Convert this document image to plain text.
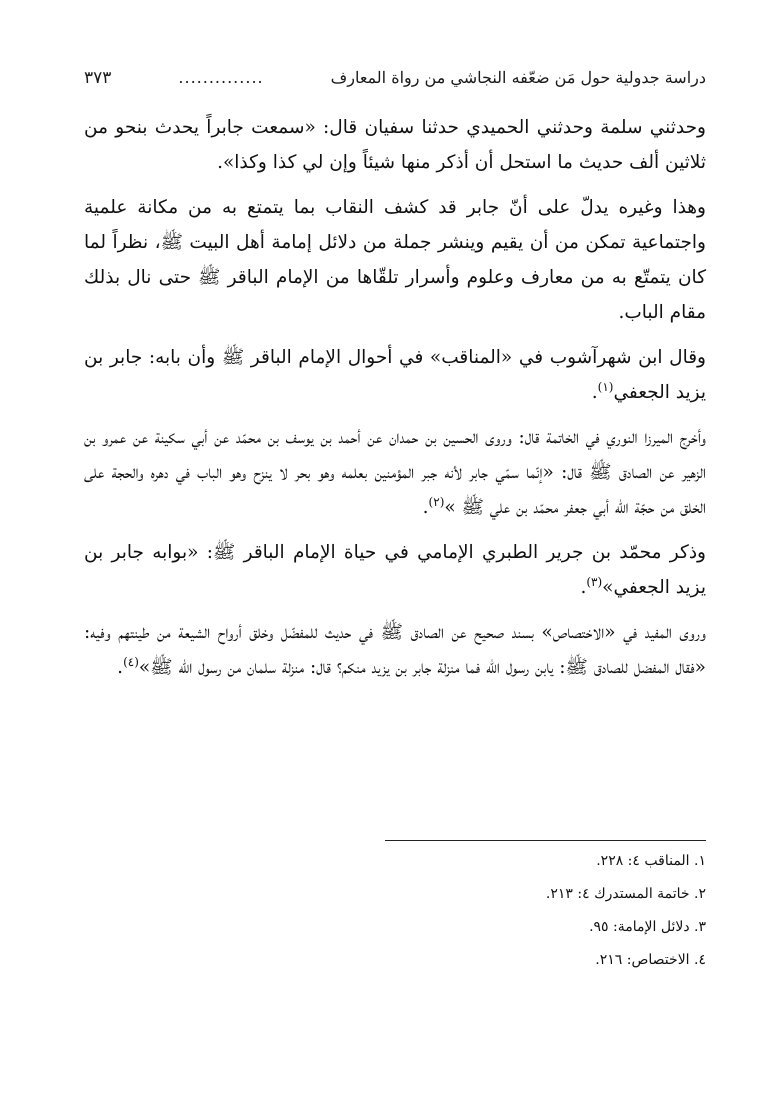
دراسة جدولية حول مَن ضعّفه النجاشي من رواة المعارف
..............
٣٧٣

وحدثني سلمة وحدثني الحميدي حدثنا سفيان قال: «سمعت جابراً يحدث بنحو من ثلاثين ألف حديث ما استحل أن أذكر منها شيئاً وإن لي كذا وكذا».

وهذا وغيره يدلّ على أنّ جابر قد كشف النقاب بما يتمتع به من مكانة علمية واجتماعية تمكن من أن يقيم وينشر جملة من دلائل إمامة أهل البيت ﷺ، نظراً لما كان يتمتّع به من معارف وعلوم وأسرار تلقّاها من الإمام الباقر ﷺ حتى نال بذلك مقام الباب.

وقال ابن شهرآشوب في «المناقب» في أحوال الإمام الباقر ﷺ وأن بابه: جابر بن يزيد الجعفي$^{(١)}$.

وأخرج الميرزا النوري في الخاتمة قال: وروى الحسين بن حمدان عن أحمد بن يوسف بن محمّد عن أبي سكينة عن عمرو بن الزهير عن الصادق ﷺ قال: «إنّما سمّي جابر لأنه جبر المؤمنين بعلمه وهو بحر لا ينزح وهو الباب في دهره والحجة على الخلق من حجّة الله أبي جعفر محمّد بن علي ﷺ »$^{(٢)}$.

وذكر محمّد بن جرير الطبري الإمامي في حياة الإمام الباقر ﷺ: «بوابه جابر بن يزيد الجعفي»$^{(٣)}$.

وروى المفيد في «الاختصاص» بسند صحيح عن الصادق ﷺ في حديث للمفضّل وخلق أرواح الشيعة من طينتهم وفيه: «فقال المفضل للصادق ﷺ: يابن رسول الله فما منزلة جابر بن يزيد منكم؟ قال: منزلة سلمان من رسول الله ﷺ»$^{(٤)}$.

١. المناقب ٤: ٢٢٨.
٢. خاتمة المستدرك ٤: ٢١٣.
٣. دلائل الإمامة: ٩٥.
٤. الاختصاص: ٢١٦.
